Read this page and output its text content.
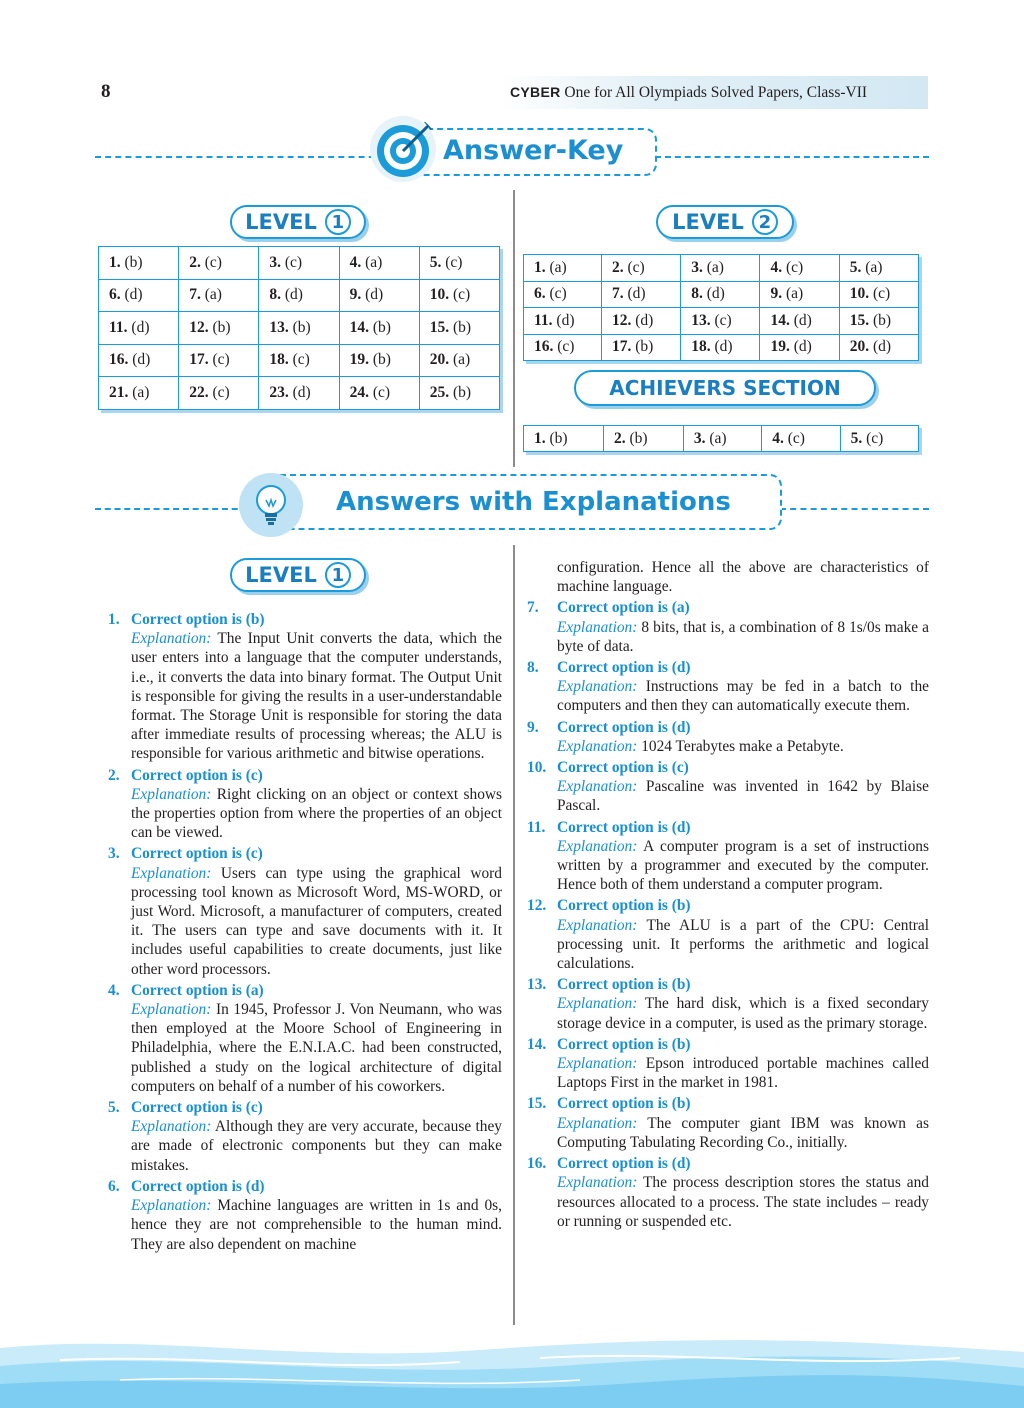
8	CYBER One for All Olympiads Solved Papers, Class-VII
Answer-Key
LEVEL 1	LEVEL 2
1. (b)	2. (c)	3. (c)	4. (a)	5. (c)
6. (d)	7. (a)	8. (d)	9. (d)	10. (c)
11. (d)	12. (b)	13. (b)	14. (b)	15. (b)
16. (d)	17. (c)	18. (c)	19. (b)	20. (a)
21. (a)	22. (c)	23. (d)	24. (c)	25. (b)
1. (a)	2. (c)	3. (a)	4. (c)	5. (a)
6. (c)	7. (d)	8. (d)	9. (a)	10. (c)
11. (d)	12. (d)	13. (c)	14. (d)	15. (b)
16. (c)	17. (b)	18. (d)	19. (d)	20. (d)
ACHIEVERS SECTION
1. (b)	2. (b)	3. (a)	4. (c)	5. (c)
Answers with Explanations
LEVEL 1
1. Correct option is (b)
Explanation: The Input Unit converts the data, which the user enters into a language that the computer understands, i.e., it converts the data into binary format. The Output Unit is responsible for giving the results in a user-understandable format. The Storage Unit is responsible for storing the data after immediate results of processing whereas; the ALU is responsible for various arithmetic and bitwise operations.
2. Correct option is (c)
Explanation: Right clicking on an object or context shows the properties option from where the properties of an object can be viewed.
3. Correct option is (c)
Explanation: Users can type using the graphical word processing tool known as Microsoft Word, MS-WORD, or just Word. Microsoft, a manufacturer of computers, created it. The users can type and save documents with it. It includes useful capabilities to create documents, just like other word processors.
4. Correct option is (a)
Explanation: In 1945, Professor J. Von Neumann, who was then employed at the Moore School of Engineering in Philadelphia, where the E.N.I.A.C. had been constructed, published a study on the logical architecture of digital computers on behalf of a number of his coworkers.
5. Correct option is (c)
Explanation: Although they are very accurate, because they are made of electronic components but they can make mistakes.
6. Correct option is (d)
Explanation: Machine languages are written in 1s and 0s, hence they are not comprehensible to the human mind. They are also dependent on machine
configuration. Hence all the above are characteristics of machine language.
7. Correct option is (a)
Explanation: 8 bits, that is, a combination of 8 1s/0s make a byte of data.
8. Correct option is (d)
Explanation: Instructions may be fed in a batch to the computers and then they can automatically execute them.
9. Correct option is (d)
Explanation: 1024 Terabytes make a Petabyte.
10. Correct option is (c)
Explanation: Pascaline was invented in 1642 by Blaise Pascal.
11. Correct option is (d)
Explanation: A computer program is a set of instructions written by a programmer and executed by the computer. Hence both of them understand a computer program.
12. Correct option is (b)
Explanation: The ALU is a part of the CPU: Central processing unit. It performs the arithmetic and logical calculations.
13. Correct option is (b)
Explanation: The hard disk, which is a fixed secondary storage device in a computer, is used as the primary storage.
14. Correct option is (b)
Explanation: Epson introduced portable machines called Laptops First in the market in 1981.
15. Correct option is (b)
Explanation: The computer giant IBM was known as Computing Tabulating Recording Co., initially.
16. Correct option is (d)
Explanation: The process description stores the status and resources allocated to a process. The state includes – ready or running or suspended etc.
